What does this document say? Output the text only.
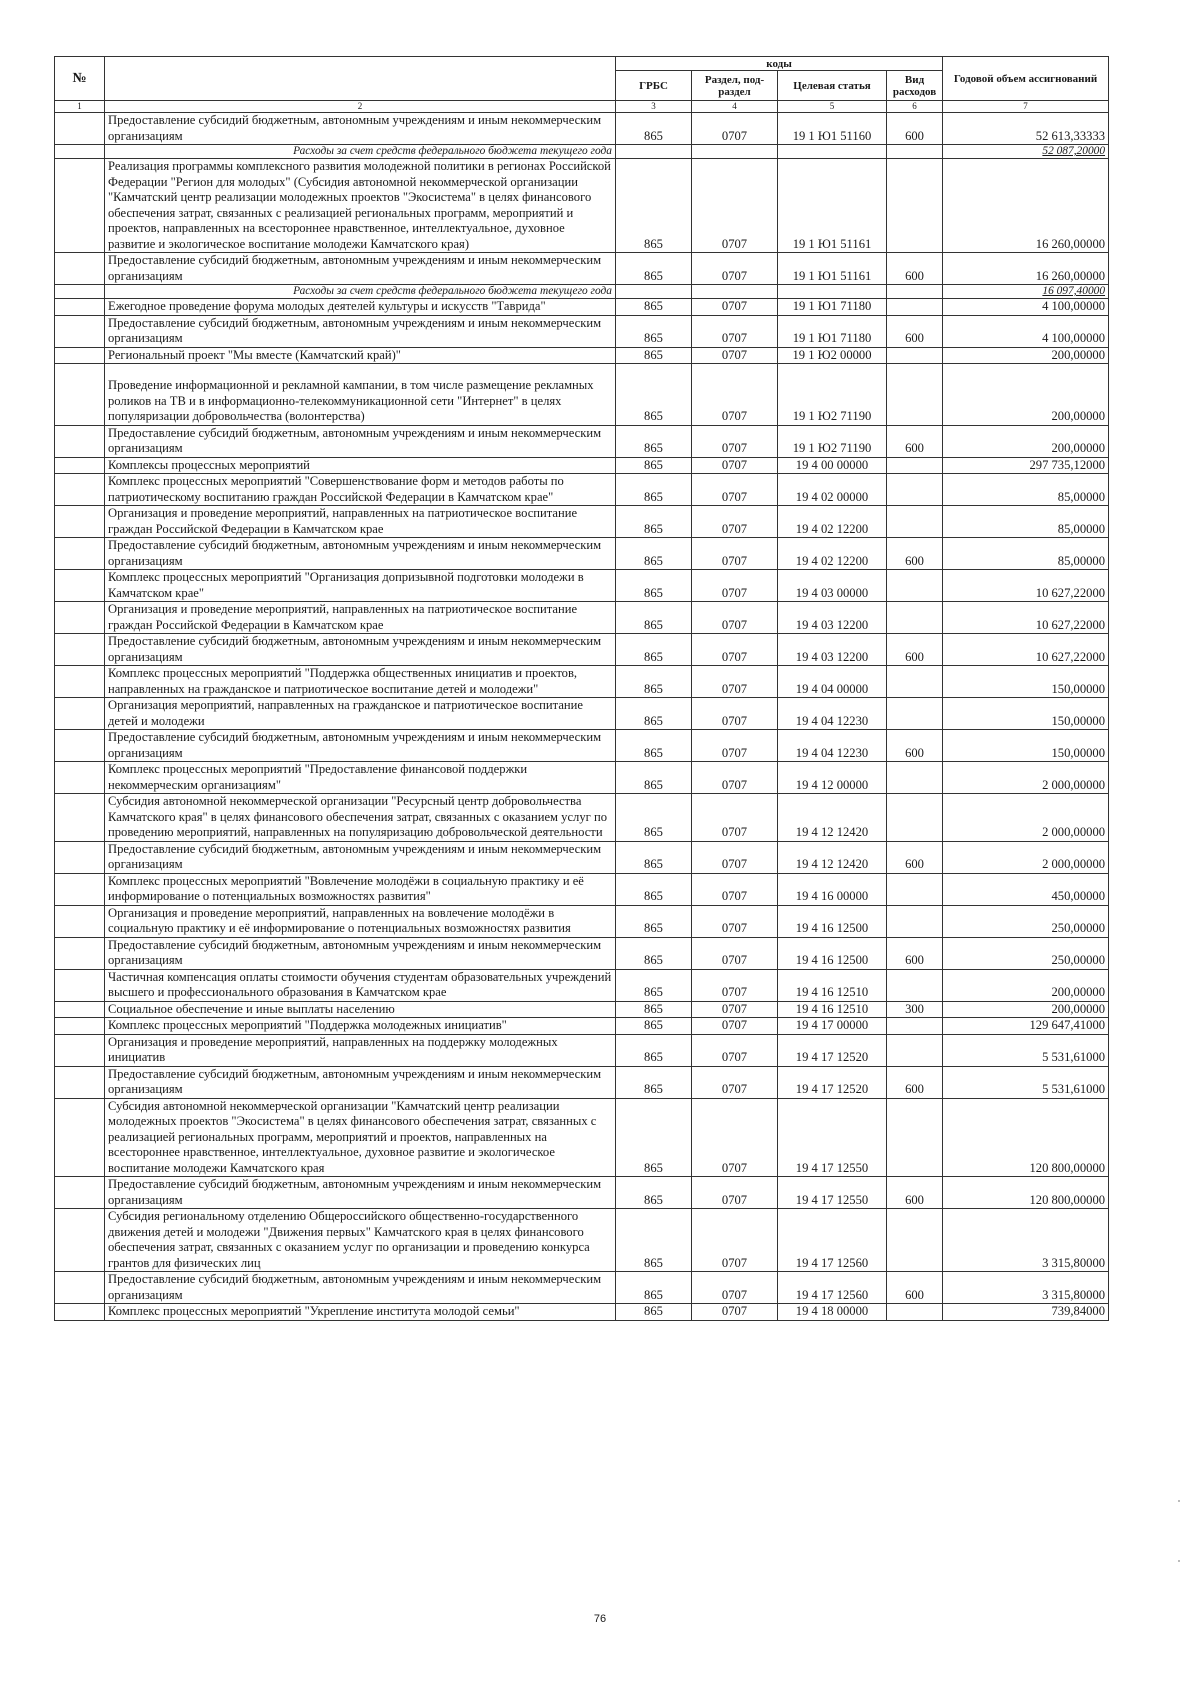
№		коды				Годовой объем ассигнований
		ГРБС	Раздел, под-раздел	Целевая статья	Вид расходов	
1	2	3	4	5	6	7
	Предоставление субсидий бюджетным, автономным учреждениям и иным некоммерческим организациям	865	0707	19 1 Ю1 51160	600	52 613,33333
	Расходы за счет средств федерального бюджета текущего года					52 087,20000
	Реализация программы комплексного развития молодежной политики в регионах Российской Федерации "Регион для молодых" (Субсидия автономной некоммерческой организации "Камчатский центр реализации молодежных проектов "Экосистема" в целях финансового обеспечения затрат, связанных с реализацией региональных программ, мероприятий и проектов, направленных на всестороннее нравственное, интеллектуальное, духовное развитие и экологическое воспитание молодежи Камчатского края)	865	0707	19 1 Ю1 51161		16 260,00000
	Предоставление субсидий бюджетным, автономным учреждениям и иным некоммерческим организациям	865	0707	19 1 Ю1 51161	600	16 260,00000
	Расходы за счет средств федерального бюджета текущего года					16 097,40000
	Ежегодное проведение форума молодых деятелей культуры и искусств "Таврида"	865	0707	19 1 Ю1 71180		4 100,00000
	Предоставление субсидий бюджетным, автономным учреждениям и иным некоммерческим организациям	865	0707	19 1 Ю1 71180	600	4 100,00000
	Региональный проект "Мы вместе (Камчатский край)"	865	0707	19 1 Ю2 00000		200,00000
	Проведение информационной и рекламной кампании, в том числе размещение рекламных роликов на ТВ и в информационно-телекоммуникационной сети "Интернет" в целях популяризации добровольчества (волонтерства)	865	0707	19 1 Ю2 71190		200,00000
	Предоставление субсидий бюджетным, автономным учреждениям и иным некоммерческим организациям	865	0707	19 1 Ю2 71190	600	200,00000
	Комплексы процессных мероприятий	865	0707	19 4 00 00000		297 735,12000
	Комплекс процессных мероприятий "Совершенствование форм и методов работы по патриотическому воспитанию граждан Российской Федерации в Камчатском крае"	865	0707	19 4 02 00000		85,00000
	Организация и проведение мероприятий, направленных на патриотическое воспитание граждан Российской Федерации в Камчатском крае	865	0707	19 4 02 12200		85,00000
	Предоставление субсидий бюджетным, автономным учреждениям и иным некоммерческим организациям	865	0707	19 4 02 12200	600	85,00000
	Комплекс процессных мероприятий "Организация допризывной подготовки молодежи в Камчатском крае"	865	0707	19 4 03 00000		10 627,22000
	Организация и проведение мероприятий, направленных на патриотическое воспитание граждан Российской Федерации в Камчатском крае	865	0707	19 4 03 12200		10 627,22000
	Предоставление субсидий бюджетным, автономным учреждениям и иным некоммерческим организациям	865	0707	19 4 03 12200	600	10 627,22000
	Комплекс процессных мероприятий "Поддержка общественных инициатив и проектов, направленных на гражданское и патриотическое воспитание детей и молодежи"	865	0707	19 4 04 00000		150,00000
	Организация мероприятий, направленных на гражданское и патриотическое воспитание детей и молодежи	865	0707	19 4 04 12230		150,00000
	Предоставление субсидий бюджетным, автономным учреждениям и иным некоммерческим организациям	865	0707	19 4 04 12230	600	150,00000
	Комплекс процессных мероприятий "Предоставление финансовой поддержки некоммерческим организациям"	865	0707	19 4 12 00000		2 000,00000
	Субсидия автономной некоммерческой организации "Ресурсный центр добровольчества Камчатского края" в целях финансового обеспечения затрат, связанных с оказанием услуг по проведению мероприятий, направленных на популяризацию добровольческой деятельности	865	0707	19 4 12 12420		2 000,00000
	Предоставление субсидий бюджетным, автономным учреждениям и иным некоммерческим организациям	865	0707	19 4 12 12420	600	2 000,00000
	Комплекс процессных мероприятий "Вовлечение молодёжи в социальную практику и её информирование о потенциальных возможностях развития"	865	0707	19 4 16 00000		450,00000
	Организация и проведение мероприятий, направленных на вовлечение молодёжи в социальную практику и её информирование о потенциальных возможностях развития	865	0707	19 4 16 12500		250,00000
	Предоставление субсидий бюджетным, автономным учреждениям и иным некоммерческим организациям	865	0707	19 4 16 12500	600	250,00000
	Частичная компенсация оплаты стоимости обучения студентам образовательных учреждений высшего и профессионального образования в Камчатском крае	865	0707	19 4 16 12510		200,00000
	Социальное обеспечение и иные выплаты населению	865	0707	19 4 16 12510	300	200,00000
	Комплекс процессных мероприятий "Поддержка молодежных инициатив"	865	0707	19 4 17 00000		129 647,41000
	Организация и проведение мероприятий, направленных на поддержку молодежных инициатив	865	0707	19 4 17 12520		5 531,61000
	Предоставление субсидий бюджетным, автономным учреждениям и иным некоммерческим организациям	865	0707	19 4 17 12520	600	5 531,61000
	Субсидия автономной некоммерческой организации "Камчатский центр реализации молодежных проектов "Экосистема" в целях финансового обеспечения затрат, связанных с реализацией региональных программ, мероприятий и проектов, направленных на всестороннее нравственное, интеллектуальное, духовное развитие и экологическое воспитание молодежи Камчатского края	865	0707	19 4 17 12550		120 800,00000
	Предоставление субсидий бюджетным, автономным учреждениям и иным некоммерческим организациям	865	0707	19 4 17 12550	600	120 800,00000
	Субсидия региональному отделению Общероссийского общественно-государственного движения детей и молодежи "Движения первых" Камчатского края в целях финансового обеспечения затрат, связанных с оказанием услуг по организации и проведению конкурса грантов для физических лиц	865	0707	19 4 17 12560		3 315,80000
	Предоставление субсидий бюджетным, автономным учреждениям и иным некоммерческим организациям	865	0707	19 4 17 12560	600	3 315,80000
	Комплекс процессных мероприятий "Укрепление института молодой семьи"	865	0707	19 4 18 00000		739,84000
76
